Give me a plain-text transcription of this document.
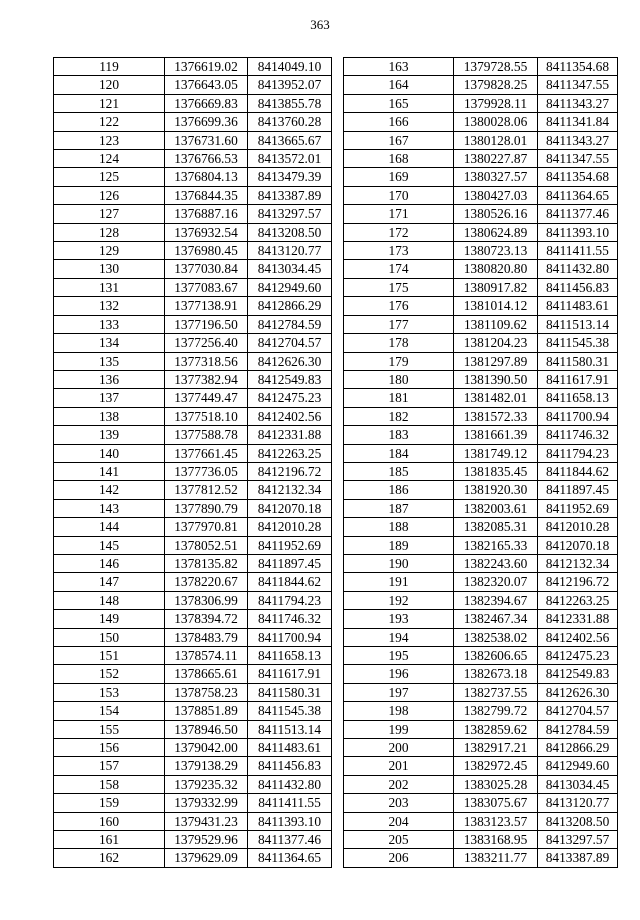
363
119	1376619.02	8414049.10
120	1376643.05	8413952.07
121	1376669.83	8413855.78
122	1376699.36	8413760.28
123	1376731.60	8413665.67
124	1376766.53	8413572.01
125	1376804.13	8413479.39
126	1376844.35	8413387.89
127	1376887.16	8413297.57
128	1376932.54	8413208.50
129	1376980.45	8413120.77
130	1377030.84	8413034.45
131	1377083.67	8412949.60
132	1377138.91	8412866.29
133	1377196.50	8412784.59
134	1377256.40	8412704.57
135	1377318.56	8412626.30
136	1377382.94	8412549.83
137	1377449.47	8412475.23
138	1377518.10	8412402.56
139	1377588.78	8412331.88
140	1377661.45	8412263.25
141	1377736.05	8412196.72
142	1377812.52	8412132.34
143	1377890.79	8412070.18
144	1377970.81	8412010.28
145	1378052.51	8411952.69
146	1378135.82	8411897.45
147	1378220.67	8411844.62
148	1378306.99	8411794.23
149	1378394.72	8411746.32
150	1378483.79	8411700.94
151	1378574.11	8411658.13
152	1378665.61	8411617.91
153	1378758.23	8411580.31
154	1378851.89	8411545.38
155	1378946.50	8411513.14
156	1379042.00	8411483.61
157	1379138.29	8411456.83
158	1379235.32	8411432.80
159	1379332.99	8411411.55
160	1379431.23	8411393.10
161	1379529.96	8411377.46
162	1379629.09	8411364.65
163	1379728.55	8411354.68
164	1379828.25	8411347.55
165	1379928.11	8411343.27
166	1380028.06	8411341.84
167	1380128.01	8411343.27
168	1380227.87	8411347.55
169	1380327.57	8411354.68
170	1380427.03	8411364.65
171	1380526.16	8411377.46
172	1380624.89	8411393.10
173	1380723.13	8411411.55
174	1380820.80	8411432.80
175	1380917.82	8411456.83
176	1381014.12	8411483.61
177	1381109.62	8411513.14
178	1381204.23	8411545.38
179	1381297.89	8411580.31
180	1381390.50	8411617.91
181	1381482.01	8411658.13
182	1381572.33	8411700.94
183	1381661.39	8411746.32
184	1381749.12	8411794.23
185	1381835.45	8411844.62
186	1381920.30	8411897.45
187	1382003.61	8411952.69
188	1382085.31	8412010.28
189	1382165.33	8412070.18
190	1382243.60	8412132.34
191	1382320.07	8412196.72
192	1382394.67	8412263.25
193	1382467.34	8412331.88
194	1382538.02	8412402.56
195	1382606.65	8412475.23
196	1382673.18	8412549.83
197	1382737.55	8412626.30
198	1382799.72	8412704.57
199	1382859.62	8412784.59
200	1382917.21	8412866.29
201	1382972.45	8412949.60
202	1383025.28	8413034.45
203	1383075.67	8413120.77
204	1383123.57	8413208.50
205	1383168.95	8413297.57
206	1383211.77	8413387.89
